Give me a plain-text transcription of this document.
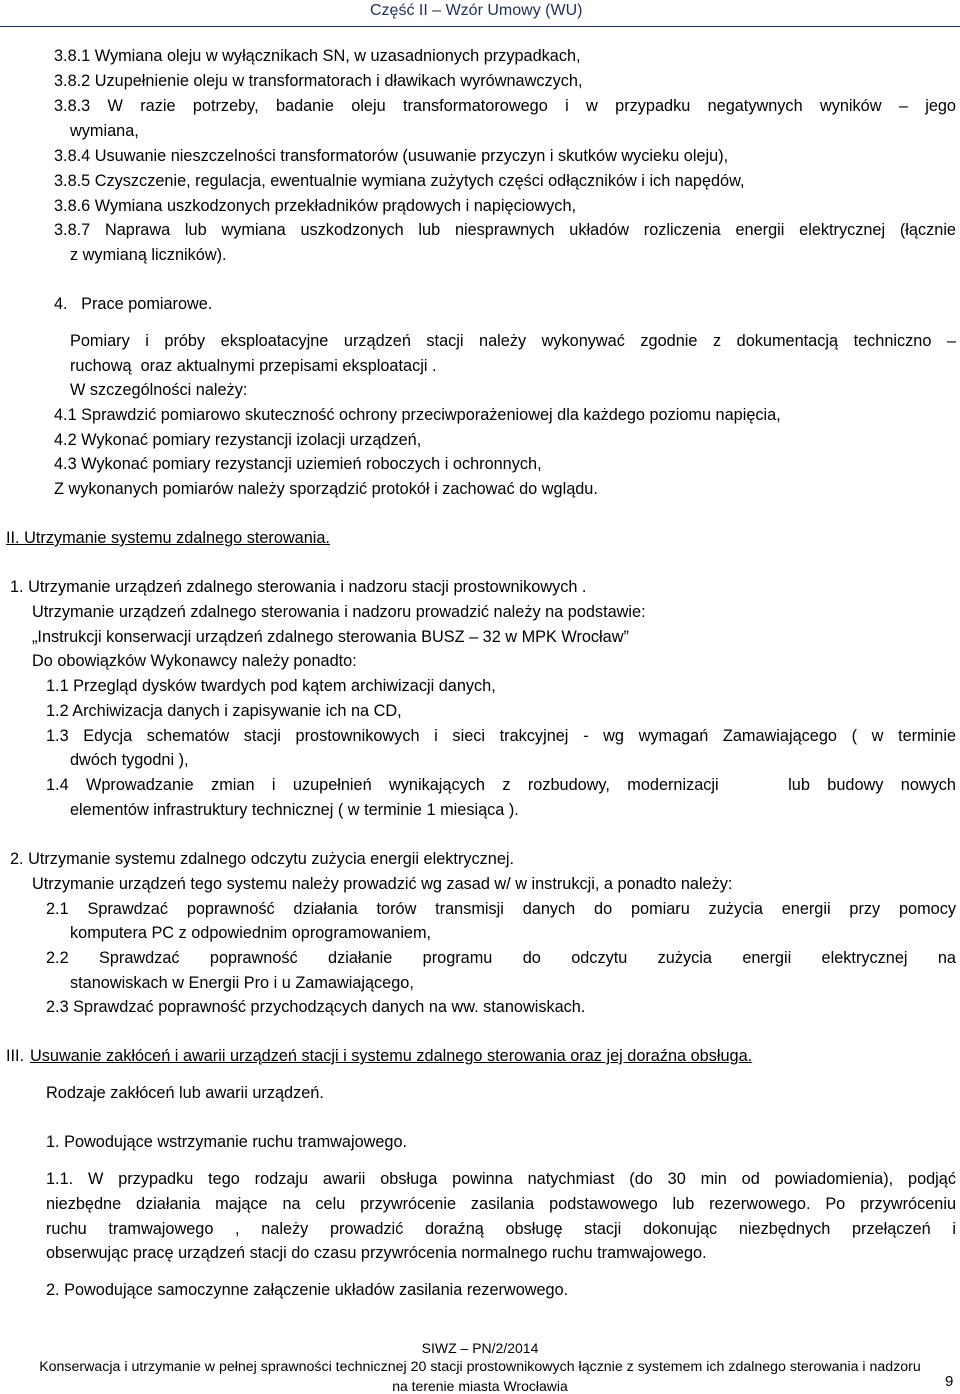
Część II – Wzór Umowy (WU)
3.8.1 Wymiana oleju w wyłącznikach SN, w uzasadnionych przypadkach,
3.8.2 Uzupełnienie oleju w transformatorach i dławikach wyrównawczych,
3.8.3 W razie potrzeby, badanie oleju transformatorowego i w przypadku negatywnych wyników – jego
wymiana,
3.8.4 Usuwanie nieszczelności transformatorów (usuwanie przyczyn i skutków wycieku oleju),
3.8.5 Czyszczenie, regulacja, ewentualnie wymiana zużytych części odłączników i ich napędów,
3.8.6 Wymiana uszkodzonych przekładników prądowych i napięciowych,
3.8.7 Naprawa lub wymiana uszkodzonych lub niesprawnych układów rozliczenia energii elektrycznej (łącznie
z wymianą liczników).
4.   Prace pomiarowe.
Pomiary i próby eksploatacyjne urządzeń stacji należy wykonywać zgodnie z dokumentacją techniczno –
ruchową  oraz aktualnymi przepisami eksploatacji .
W szczególności należy:
4.1 Sprawdzić pomiarowo skuteczność ochrony przeciwporażeniowej dla każdego poziomu napięcia,
4.2 Wykonać pomiary rezystancji izolacji urządzeń,
4.3 Wykonać pomiary rezystancji uziemień roboczych i ochronnych,
Z wykonanych pomiarów należy sporządzić protokół i zachować do wglądu.
II. Utrzymanie systemu zdalnego sterowania.
1. Utrzymanie urządzeń zdalnego sterowania i nadzoru stacji prostownikowych .
Utrzymanie urządzeń zdalnego sterowania i nadzoru prowadzić należy na podstawie:
„Instrukcji konserwacji urządzeń zdalnego sterowania BUSZ – 32 w MPK Wrocław”
Do obowiązków Wykonawcy należy ponadto:
1.1 Przegląd dysków twardych pod kątem archiwizacji danych,
1.2 Archiwizacja danych i zapisywanie ich na CD,
1.3 Edycja schematów stacji prostownikowych i sieci trakcyjnej - wg wymagań Zamawiającego ( w terminie
dwóch tygodni ),
1.4 Wprowadzanie zmian i uzupełnień wynikających z rozbudowy, modernizacji    lub budowy nowych
elementów infrastruktury technicznej ( w terminie 1 miesiąca ).
2. Utrzymanie systemu zdalnego odczytu zużycia energii elektrycznej.
Utrzymanie urządzeń tego systemu należy prowadzić wg zasad w/ w instrukcji, a ponadto należy:
2.1 Sprawdzać poprawność działania torów transmisji danych do pomiaru zużycia energii przy pomocy
komputera PC z odpowiednim oprogramowaniem,
2.2 Sprawdzać poprawność działanie programu do odczytu zużycia energii elektrycznej na
stanowiskach w Energii Pro i u Zamawiającego,
2.3 Sprawdzać poprawność przychodzących danych na ww. stanowiskach.
III. Usuwanie zakłóceń i awarii urządzeń stacji i systemu zdalnego sterowania oraz jej doraźna obsługa.
Rodzaje zakłóceń lub awarii urządzeń.
1. Powodujące wstrzymanie ruchu tramwajowego.
1.1. W przypadku tego rodzaju awarii obsługa powinna natychmiast (do 30 min od powiadomienia), podjąć
niezbędne działania mające na celu przywrócenie zasilania podstawowego lub rezerwowego. Po przywróceniu
ruchu tramwajowego , należy prowadzić doraźną obsługę stacji dokonując niezbędnych przełączeń i
obserwując pracę urządzeń stacji do czasu przywrócenia normalnego ruchu tramwajowego.
2. Powodujące samoczynne załączenie układów zasilania rezerwowego.
SIWZ – PN/2/2014
Konserwacja i utrzymanie w pełnej sprawności technicznej 20 stacji prostownikowych łącznie z systemem ich zdalnego sterowania i nadzoru
na terenie miasta Wrocławia	9
